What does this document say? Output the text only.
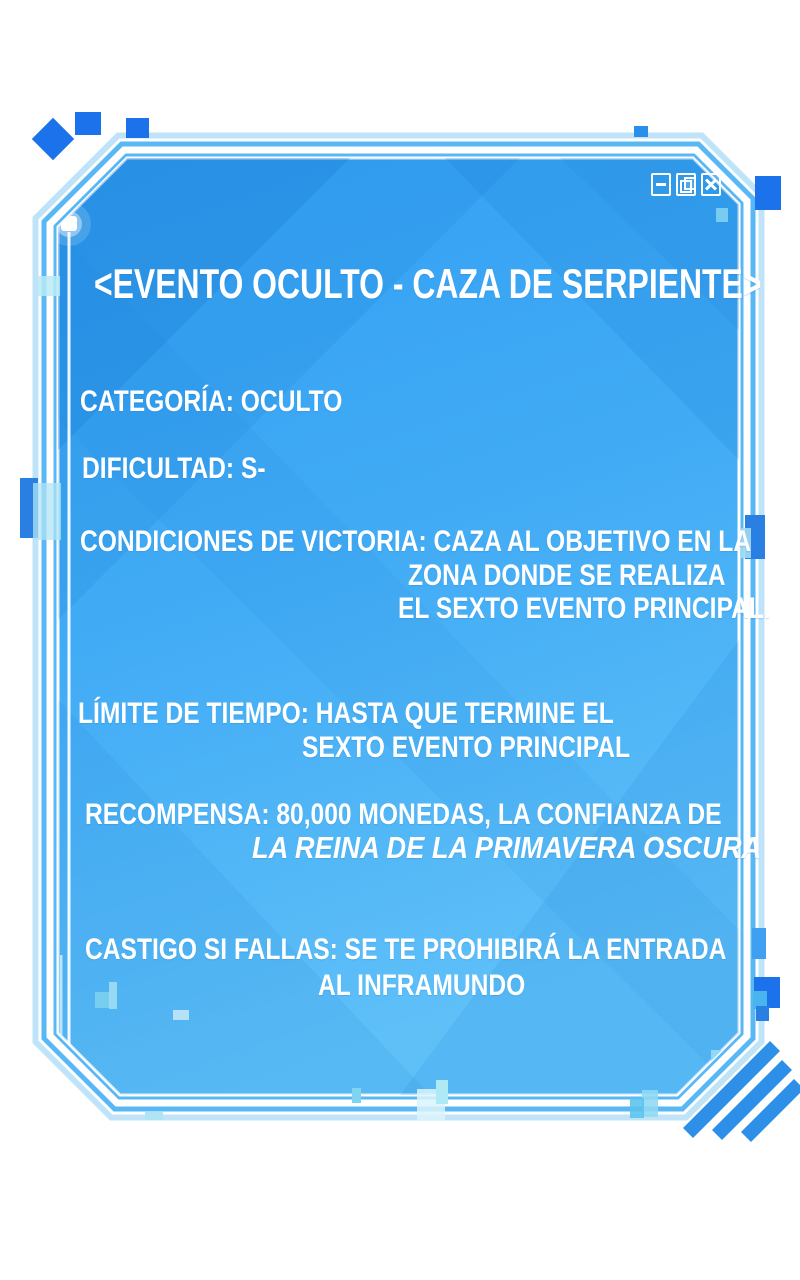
<EVENTO OCULTO - CAZA DE SERPIENTE>
CATEGORÍA: OCULTO
DIFICULTAD: S-
CONDICIONES DE VICTORIA: CAZA AL OBJETIVO EN LA
ZONA DONDE SE REALIZA
EL SEXTO EVENTO PRINCIPAL.
LÍMITE DE TIEMPO: HASTA QUE TERMINE EL
SEXTO EVENTO PRINCIPAL
RECOMPENSA: 80,000 MONEDAS, LA CONFIANZA DE
LA REINA DE LA PRIMAVERA OSCURA
CASTIGO SI FALLAS: SE TE PROHIBIRÁ LA ENTRADA
AL INFRAMUNDO
